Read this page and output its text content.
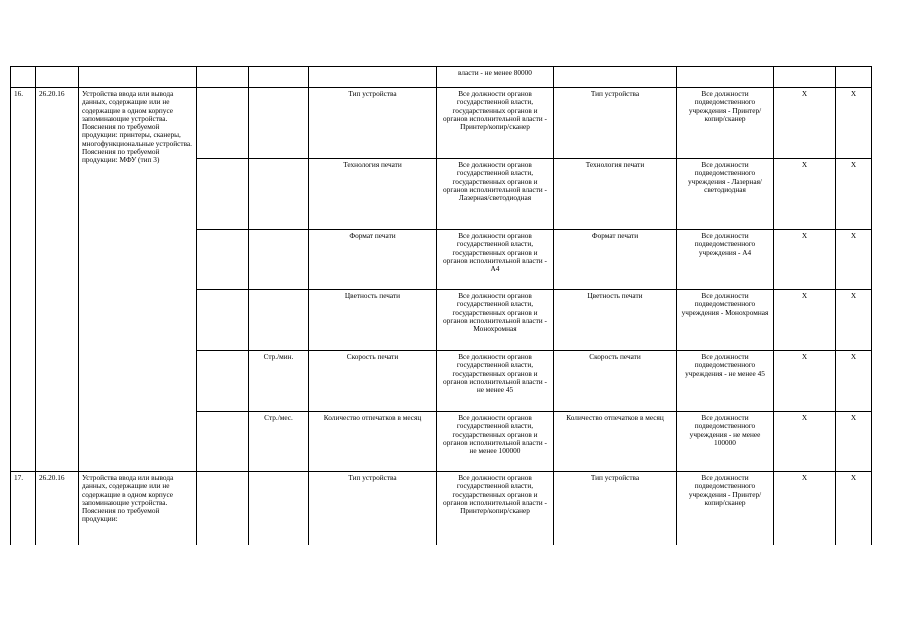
						власти - не менее 80000				
16.	26.20.16	Устройства ввода или вывода данных, содержащие или не содержащие в одном корпусе запоминающие устройства. Пояснения по требуемой продукции: принтеры, сканеры, многофункциональные устройства. Пояснения по требуемой продукции: МФУ (тип 3)			Тип устройства	Все должности органов государственной власти, государственных органов и органов исполнительной власти - Принтер/копир/сканер	Тип устройства	Все должности подведомственного учреждения - Принтер/копир/сканер	X	X
					Технология печати	Все должности органов государственной власти, государственных органов и органов исполнительной власти - Лазерная/светодиодная	Технология печати	Все должности подведомственного учреждения - Лазерная/светодиодная	X	X
					Формат печати	Все должности органов государственной власти, государственных органов и органов исполнительной власти - А4	Формат печати	Все должности подведомственного учреждения - А4	X	X
					Цветность печати	Все должности органов государственной власти, государственных органов и органов исполнительной власти - Монохромная	Цветность печати	Все должности подведомственного учреждения - Монохромная	X	X
				Стр./мин.	Скорость печати	Все должности органов государственной власти, государственных органов и органов исполнительной власти - не менее 45	Скорость печати	Все должности подведомственного учреждения - не менее 45	X	X
				Стр./мес.	Количество отпечатков в месяц	Все должности органов государственной власти, государственных органов и органов исполнительной власти - не менее 100000	Количество отпечатков в месяц	Все должности подведомственного учреждения - не менее 100000	X	X
17.	26.20.16	Устройства ввода или вывода данных, содержащие или не содержащие в одном корпусе запоминающие устройства. Пояснения по требуемой продукции:			Тип устройства	Все должности органов государственной власти, государственных органов и органов исполнительной власти - Принтер/копир/сканер	Тип устройства	Все должности подведомственного учреждения - Принтер/копир/сканер	X	X
